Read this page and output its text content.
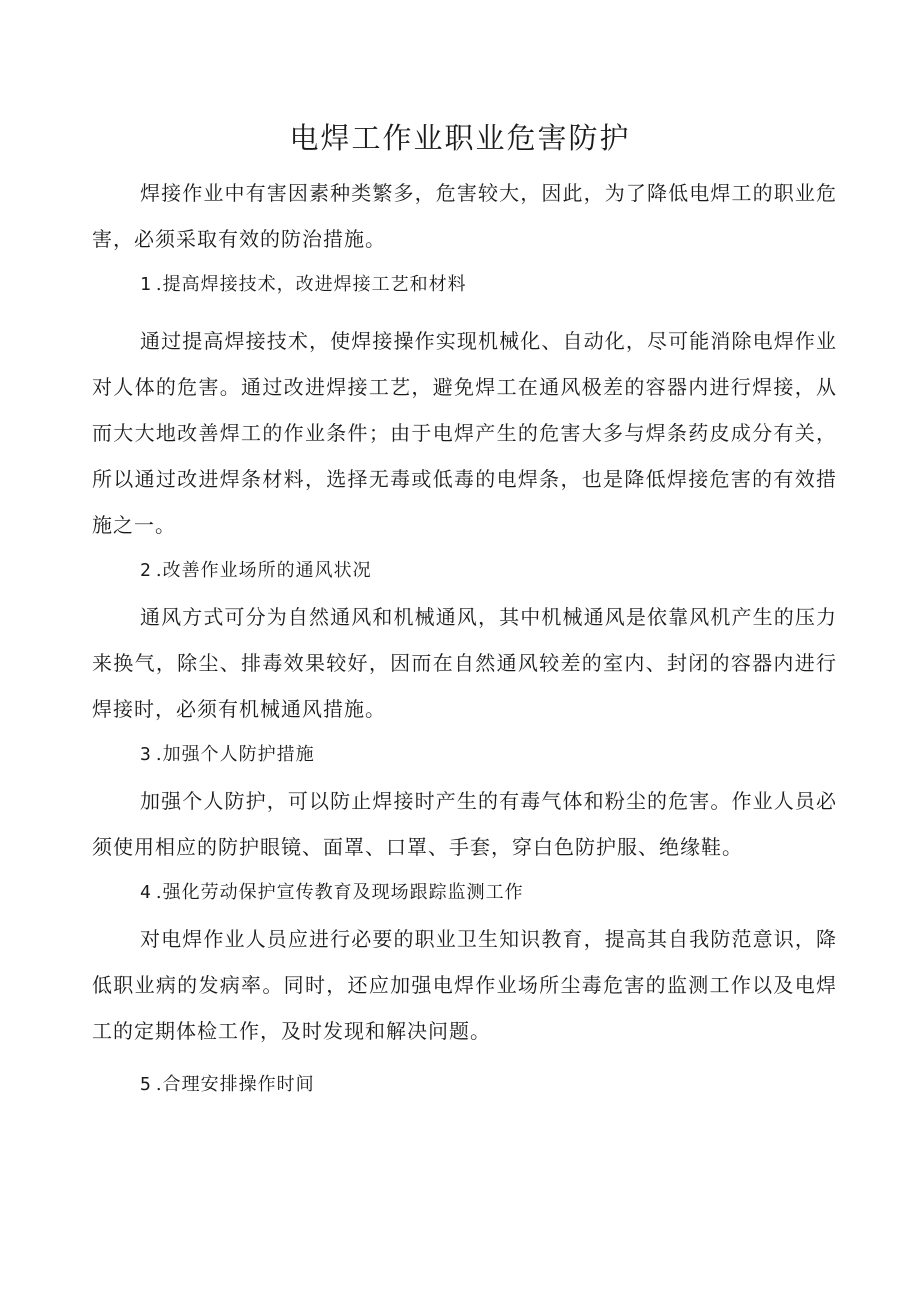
电焊工作业职业危害防护

焊接作业中有害因素种类繁多，危害较大，因此，为了降低电焊工的职业危害，必须采取有效的防治措施。

1 .提高焊接技术，改进焊接工艺和材料

通过提高焊接技术，使焊接操作实现机械化、自动化，尽可能消除电焊作业对人体的危害。通过改进焊接工艺，避免焊工在通风极差的容器内进行焊接，从而大大地改善焊工的作业条件；由于电焊产生的危害大多与焊条药皮成分有关，所以通过改进焊条材料，选择无毒或低毒的电焊条，也是降低焊接危害的有效措施之一。

2 .改善作业场所的通风状况

通风方式可分为自然通风和机械通风，其中机械通风是依靠风机产生的压力来换气，除尘、排毒效果较好，因而在自然通风较差的室内、封闭的容器内进行焊接时，必须有机械通风措施。

3 .加强个人防护措施

加强个人防护，可以防止焊接时产生的有毒气体和粉尘的危害。作业人员必须使用相应的防护眼镜、面罩、口罩、手套，穿白色防护服、绝缘鞋。

4 .强化劳动保护宣传教育及现场跟踪监测工作

对电焊作业人员应进行必要的职业卫生知识教育，提高其自我防范意识，降低职业病的发病率。同时，还应加强电焊作业场所尘毒危害的监测工作以及电焊工的定期体检工作，及时发现和解决问题。

5 .合理安排操作时间
